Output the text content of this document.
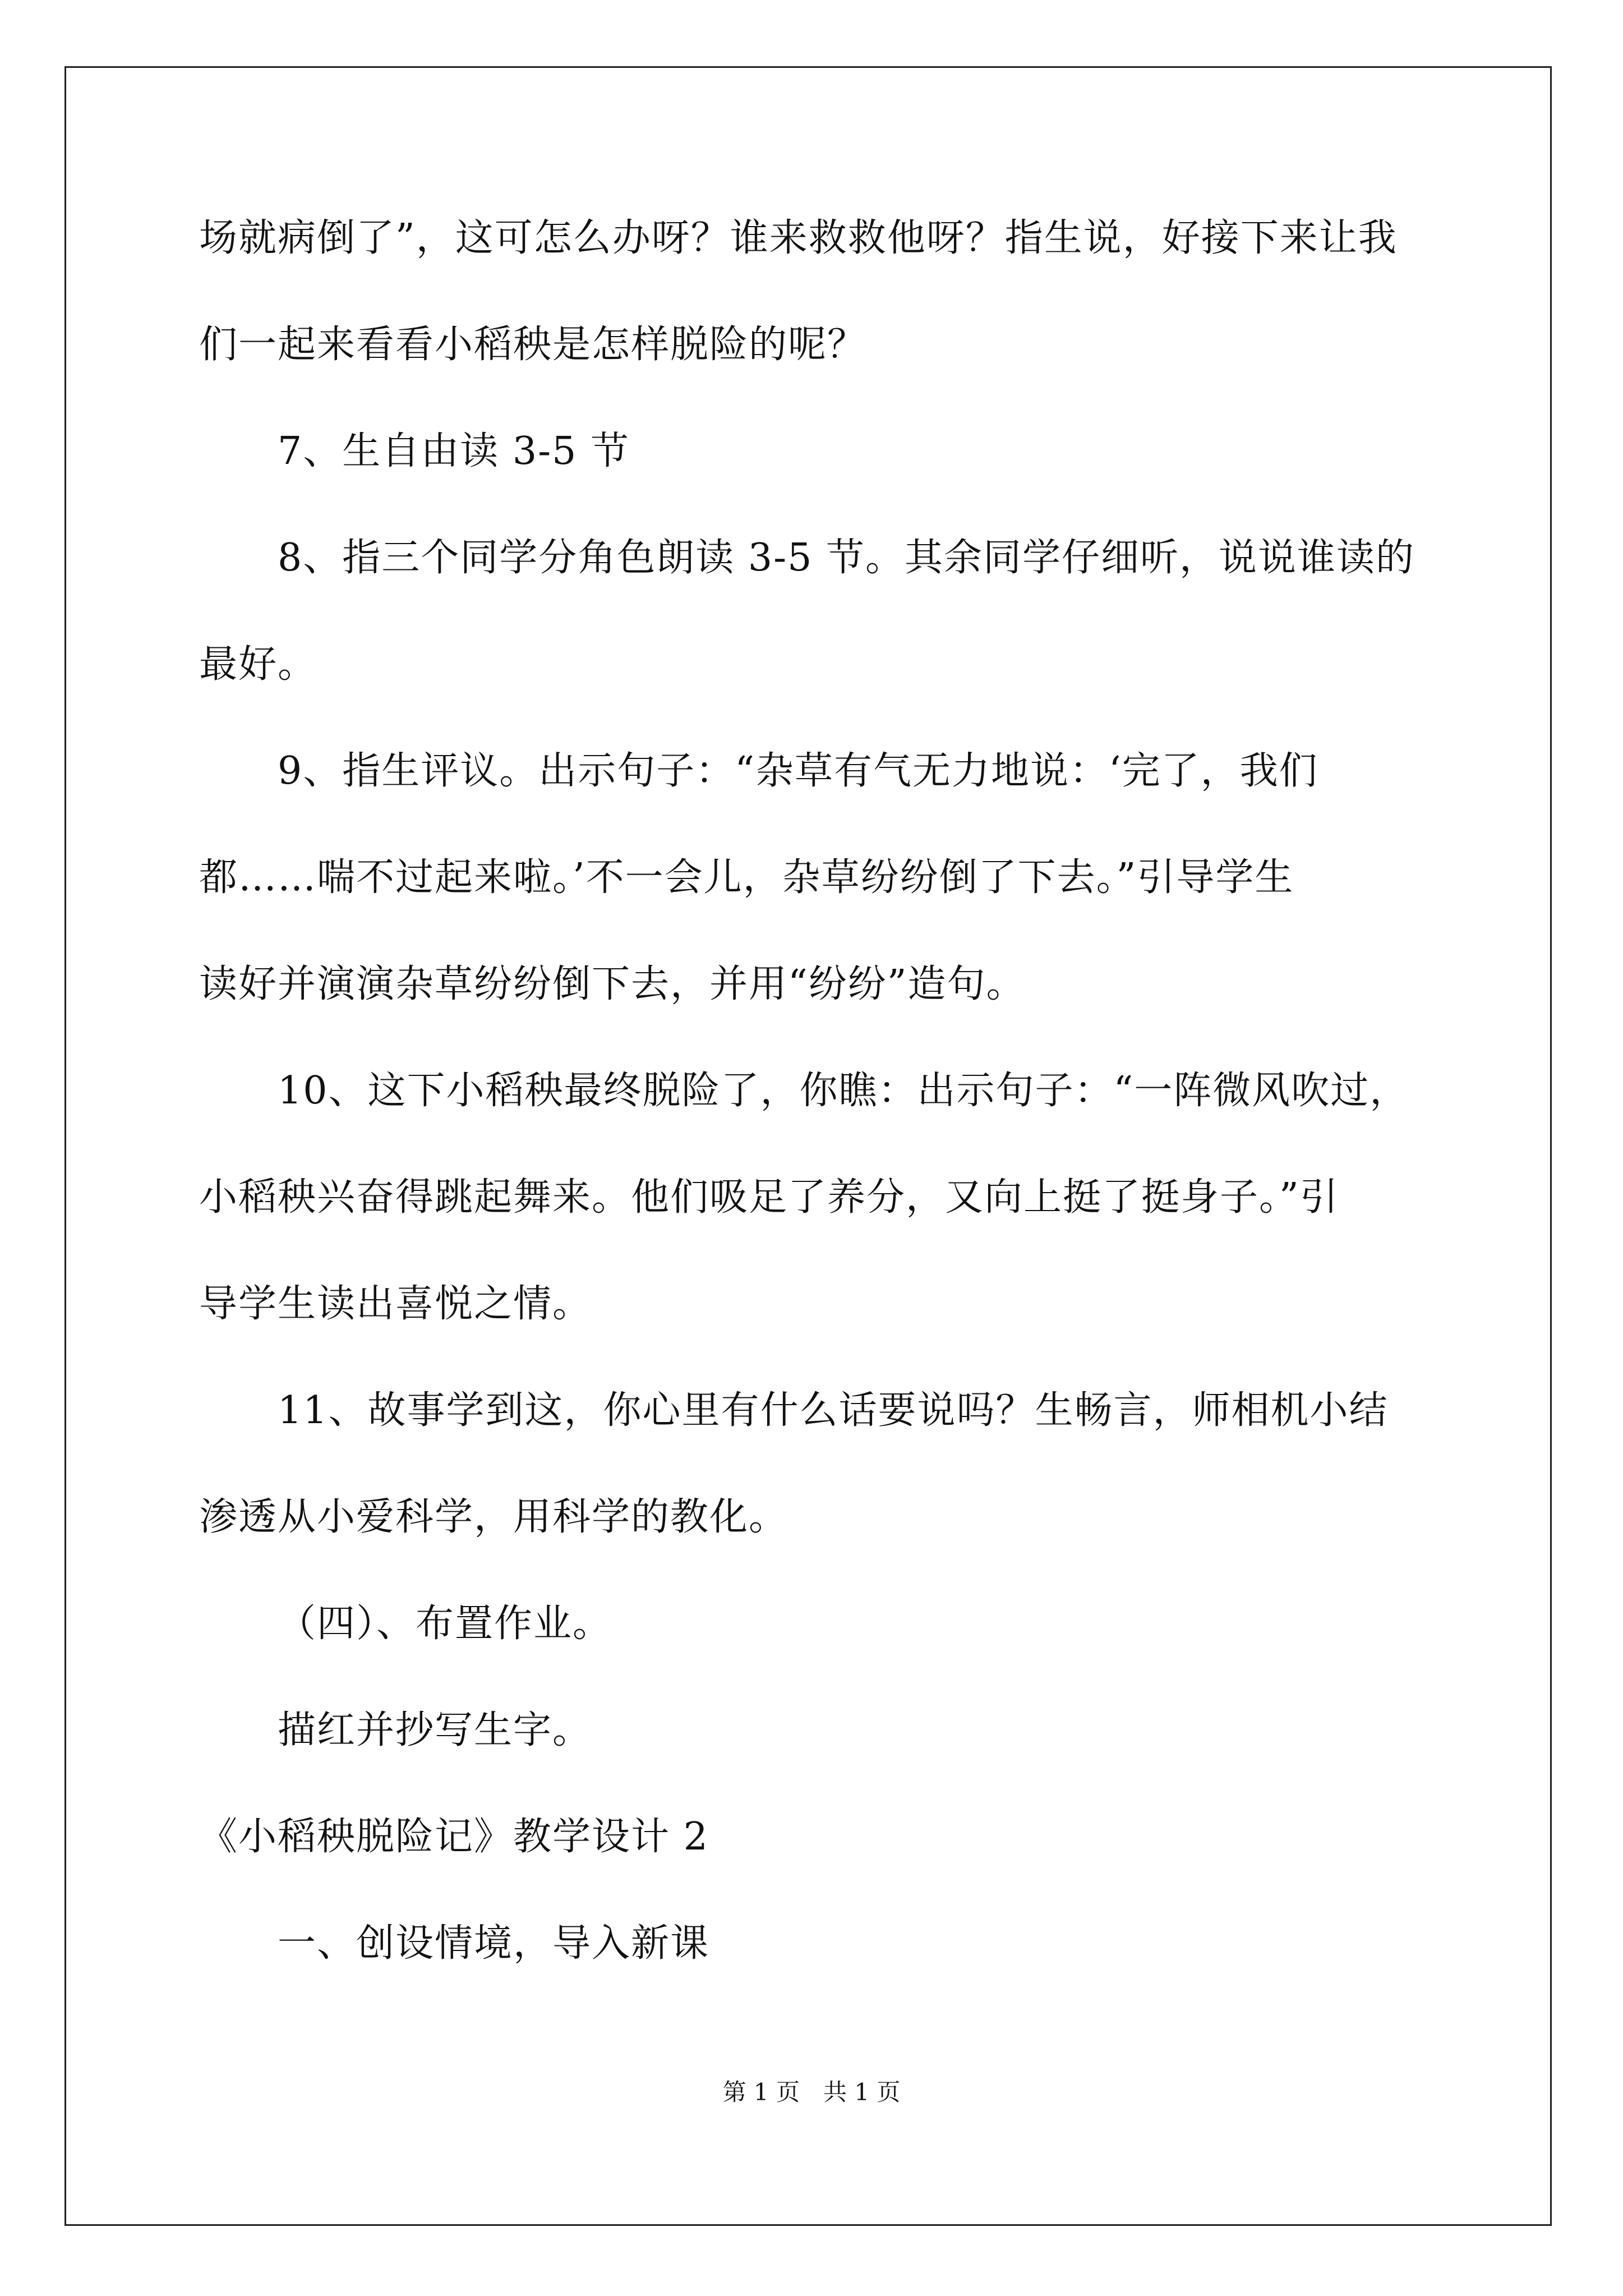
场就病倒了”，这可怎么办呀？谁来救救他呀？指生说，好接下来让我
们一起来看看小稻秧是怎样脱险的呢？
7、生自由读 3-5 节
8、指三个同学分角色朗读 3-5 节。其余同学仔细听，说说谁读的
最好。
9、指生评议。出示句子：“杂草有气无力地说：‘完了，我们
都……喘不过起来啦。’不一会儿，杂草纷纷倒了下去。”引导学生
读好并演演杂草纷纷倒下去，并用“纷纷”造句。
10、这下小稻秧最终脱险了，你瞧：出示句子：“一阵微风吹过，
小稻秧兴奋得跳起舞来。他们吸足了养分，又向上挺了挺身子。”引
导学生读出喜悦之情。
11、故事学到这，你心里有什么话要说吗？生畅言，师相机小结
渗透从小爱科学，用科学的教化。
（四）、布置作业。
描红并抄写生字。
《小稻秧脱险记》教学设计 2
一、创设情境，导入新课
第 1 页　共 1 页
